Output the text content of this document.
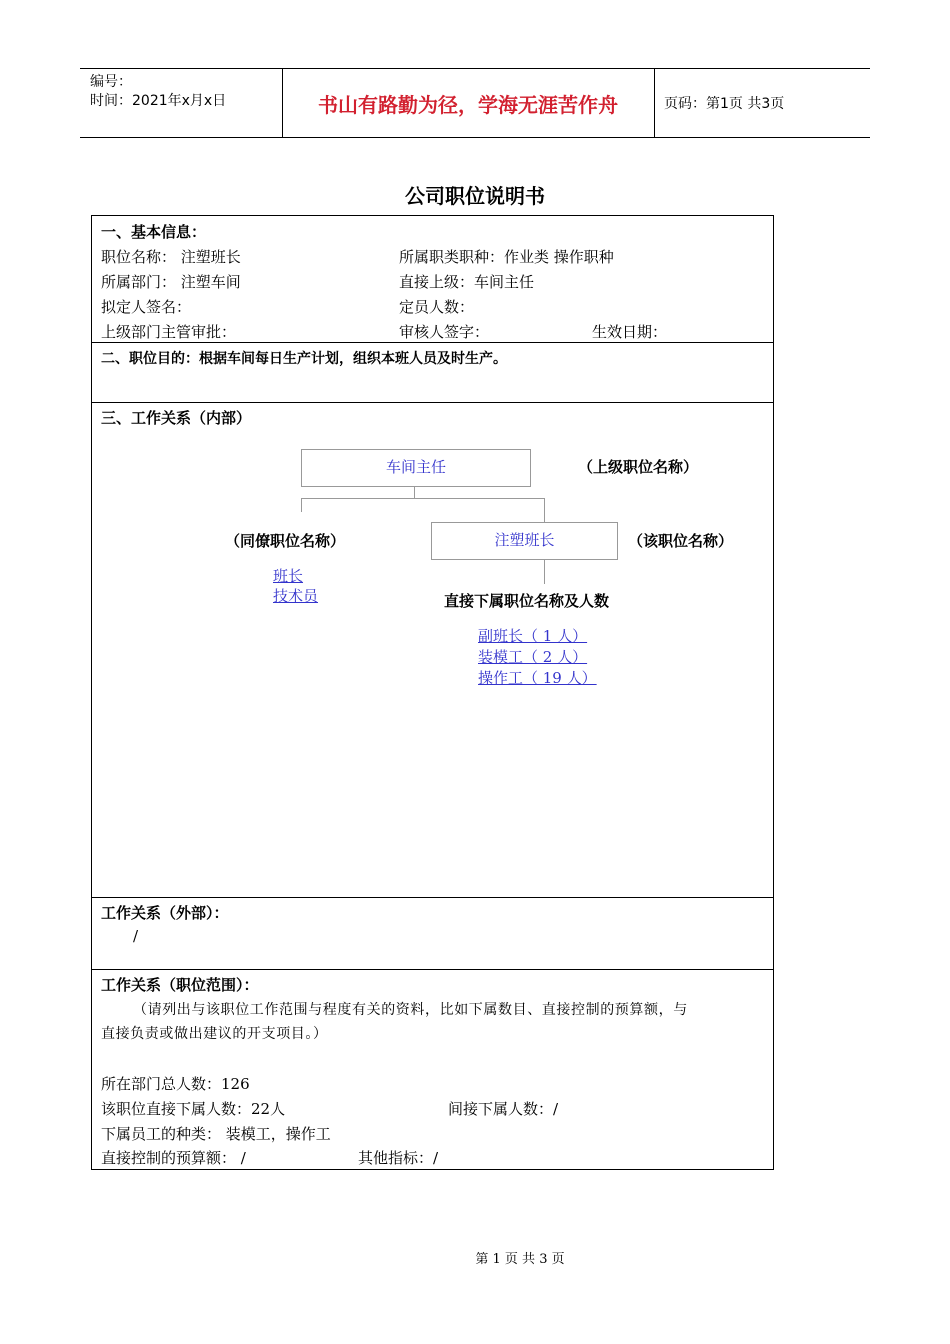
编号：
时间：2021年x月x日	书山有路勤为径，学海无涯苦作舟	页码：第1页 共3页
公司职位说明书
一、基本信息：
职位名称： 注塑班长	所属职类职种：作业类 操作职种
所属部门： 注塑车间	直接上级：车间主任
拟定人签名：	定员人数：
上级部门主管审批：	审核人签字：	生效日期：
二、职位目的：根据车间每日生产计划，组织本班人员及时生产。
三、工作关系（内部）
车间主任	（上级职位名称）
（同僚职位名称）	注塑班长	（该职位名称）
班长
技术员	直接下属职位名称及人数
副班长（ 1 人）
装模工（ 2 人）
操作工（ 19 人）
工作关系（外部）：
/
工作关系（职位范围）：
（请列出与该职位工作范围与程度有关的资料，比如下属数目、直接控制的预算额，与
直接负责或做出建议的开支项目。）
所在部门总人数：126
该职位直接下属人数：22人	间接下属人数：/
下属员工的种类： 装模工，操作工
直接控制的预算额： /	其他指标：/
第 1 页 共 3 页
